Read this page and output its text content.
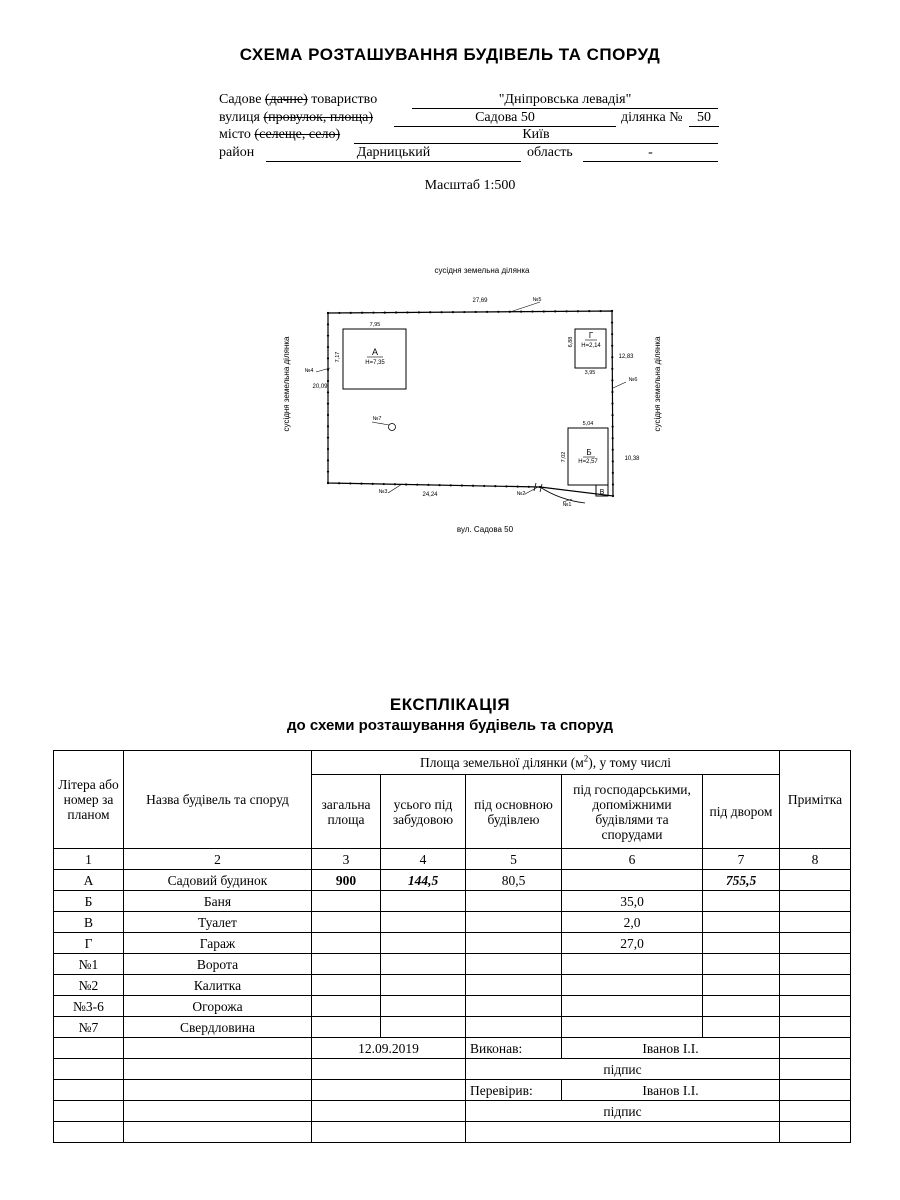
СХЕМА РОЗТАШУВАННЯ БУДІВЕЛЬ ТА СПОРУД
Садове (дачне) товариство	"Дніпровська левадія"
вулиця (провулок, площа)	Садова 50	ділянка №	50
місто (селеще, село)	Київ
район	Дарницький	область	-
Масштаб 1:500
сусідня земельна ділянка
сусідня земельна ділянка	сусідня земельна ділянка
вул. Садова 50
27,69
20,09
12,83
10,38
24,24
А
H=7,35
7,95
7,17
Г
H=2,14
3,95
6,88
Б
H=2,57
5,04
7,02
В
№7
№5
№4
№6
№3	№2
№1
ЕКСПЛІКАЦІЯ
до схеми розташування будівель та споруд
Літера або номер за планом	Назва будівель та споруд	Площа земельної ділянки $(м^2)$, у тому числі					Примітка
		загальна площа	усього під забудовою	під основною будівлею	під господарськими, допоміжними будівлями та спорудами	під двором	
1	2	3	4	5	6	7	8
А	Садовий будинок	900	144,5	80,5		755,5	
Б	Баня				35,0		
В	Туалет				2,0		
Г	Гараж				27,0		
№1	Ворота						
№2	Калитка						
№3-6	Огорожа						
№7	Свердловина						
		12.09.2019		Виконав:	Іванов І.І.		
				підпис			
				Перевірив:	Іванов І.І.		
				підпис			
